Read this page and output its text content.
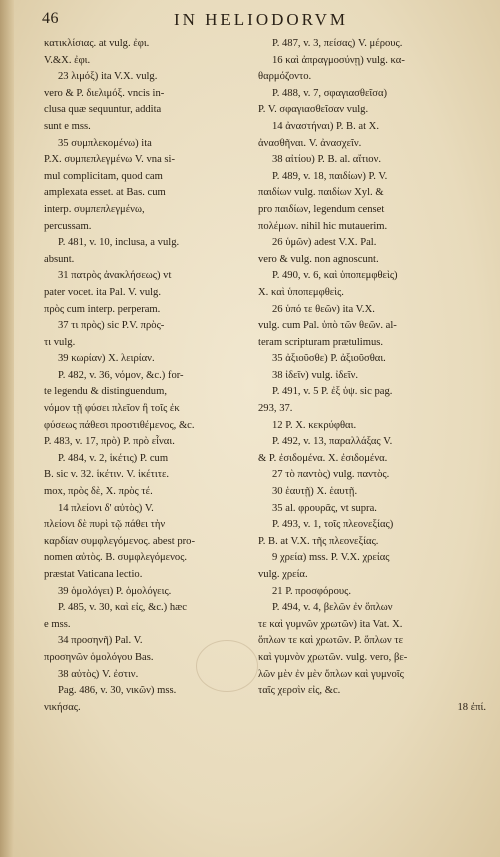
46	IN HELIODORVM
κατικλίσιας. at vulg. ἐφι.
V.&X. ἐφι.
23 λιμόξ) ita V.X. vulg.
vero & P. διελιμόξ. vncis in-
clusa quæ sequuntur, addita
sunt e mss.
35 συμπλεκομένω) ita
P.X. συμπεπλεγμένω V. vna si-
mul complicitam, quod cam
amplexata esset. at Bas. cum
interp. συμπεπλεγμένω,
percussam.
P. 481, v. 10, inclusa, a vulg.
absunt.
31 πατρὸς ἀνακλήσεως) vt
pater vocet. ita Pal. V. vulg.
πρὸς cum interp. perperam.
37 τι πρὸς) sic P.V. πρὸς-
τι vulg.
39 κωρίαν) X. λειρίαν.
P. 482, v. 36, νόμον, &c.) for-
te legendu & distinguendum,
νόμον τῇ φύσει πλεῖον ἢ τοῖς ἐκ
φύσεως πάθεσι προστιθέμενος, &c.
P. 483, v. 17, πρὸ) P. πρὸ εἶναι.
P. 484, v. 2, ἱκέτις) P. cum
B. sic v. 32. ἱκέτιν. V. ἱκέτιτε.
mox, πρὸς δὲ, X. πρὸς τέ.
14 πλείονι δ' αὐτὸς) V.
πλείονι δὲ πυρὶ τῷ πάθει τὴν
καρδίαν συμφλεγόμενος. abest pro-
nomen αὐτὸς. B. συμφλεγόμενος.
præstat Vaticana lectio.
39 ὁμολόγει) P. ὁμολόγεις.
P. 485, v. 30, καὶ εἰς, &c.) hæc
e mss.
34 προσηνῆ) Pal. V.
προσηνῶν ὁμολόγου Bas.
38 αὐτὸς) V. ἐστιν.
Pag. 486, v. 30, νικῶν) mss.
νικήσας.
P. 487, v. 3, πείσας) V. μέρους.
16 καὶ ἀπραγμοσύνῃ) vulg. κα-
θαρμόζοντο.
P. 488, v. 7, σφαγιασθεῖσα)
P. V. σφαγιασθεῖσαν vulg.
14 ἀναστήναι) P. B. at X.
ἀνασθῆναι. V. ἀνασχεῖν.
38 αἰτίου) P. B. al. αἴτιον.
P. 489, v. 18, παιδίων) P. V.
παιδίων vulg. παιδίων Xyl. &
pro παιδίων, legendum censet
πολέμων. nihil hic mutauerim.
26 ὑμῶν) adest V.X. Pal.
vero & vulg. non agnoscunt.
P. 490, v. 6, καὶ ὑποπεμφθεὶς)
X. καὶ ὑποπεμφθεὶς.
26 ὑπό τε θεῶν) ita V.X.
vulg. cum Pal. ὑπὸ τῶν θεῶν. al-
teram scripturam prætulimus.
35 ἀξιοῦσθε) P. ἀξιοῦσθαι.
38 ἰδεῖν) vulg. ἰδεῖν.
P. 491, v. 5 P. ἐξ ὑψ. sic pag.
293, 37.
12 P. X. κεκρύφθαι.
P. 492, v. 13, παραλλάξας V.
& P. ἐσιδομένα. X. ἐσιδομένα.
27 τὸ παντὸς) vulg. παντὸς.
30 ἑαυτῇ) X. ἑαυτῇ.
35 al. φρουρᾶς, vt supra.
P. 493, v. 1, τοῖς πλεονεξίας)
P. B. at V.X. τῆς πλεονεξίας.
9 χρεία) mss. P. V.X. χρείας
vulg. χρεία.
21 P. προσφόρους.
P. 494, v. 4, βελῶν ἐν ὅπλων
τε καὶ γυμνῶν χρωτῶν) ita Vat. X.
ὅπλων τε καὶ χρωτῶν. P. ὅπλων τε
καὶ γυμνὸν χρωτῶν. vulg. vero, βε-
λῶν μὲν ἐν μὲν ὅπλων καὶ γυμνοῖς
ταῖς χερσὶν εἰς, &c.
18 ἐπί.
